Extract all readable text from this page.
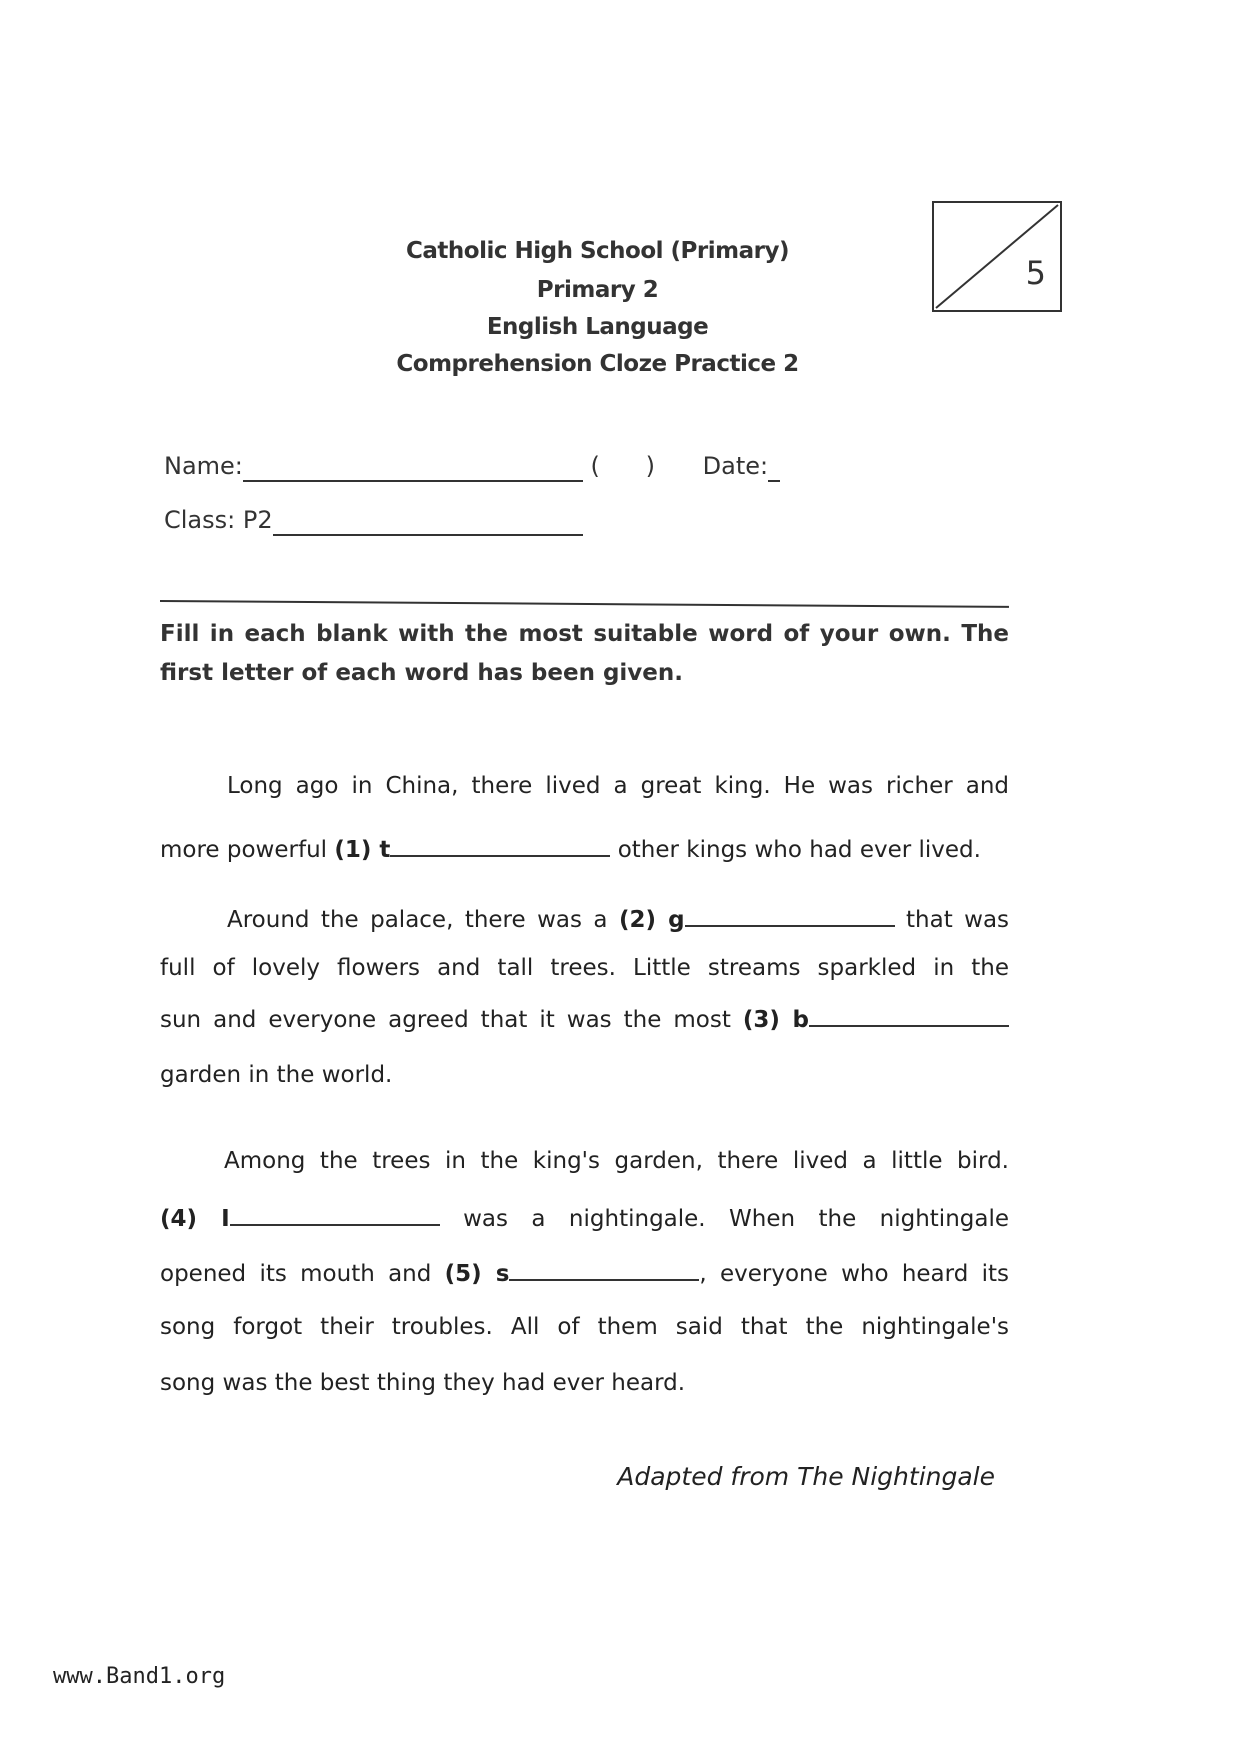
Catholic High School (Primary)
Primary 2
English Language
Comprehension Cloze Practice 2
5
Name:	(      ) Date:
Class: P2
Fill in each blank with the most suitable word of your own. The
first letter of each word has been given.
Long ago in China, there lived a great king. He was richer and
more powerful (1) t	other kings who had ever lived.
Around the palace, there was a (2) g	that was
full of lovely flowers and tall trees. Little streams sparkled in the
sun and everyone agreed that it was the most (3) b
garden in the world.
Among the trees in the king's garden, there lived a little bird.
(4) I	was a nightingale. When the nightingale
opened its mouth and (5) s	, everyone who heard its
song forgot their troubles. All of them said that the nightingale's
song was the best thing they had ever heard.
Adapted from The Nightingale
www.Band1.org
